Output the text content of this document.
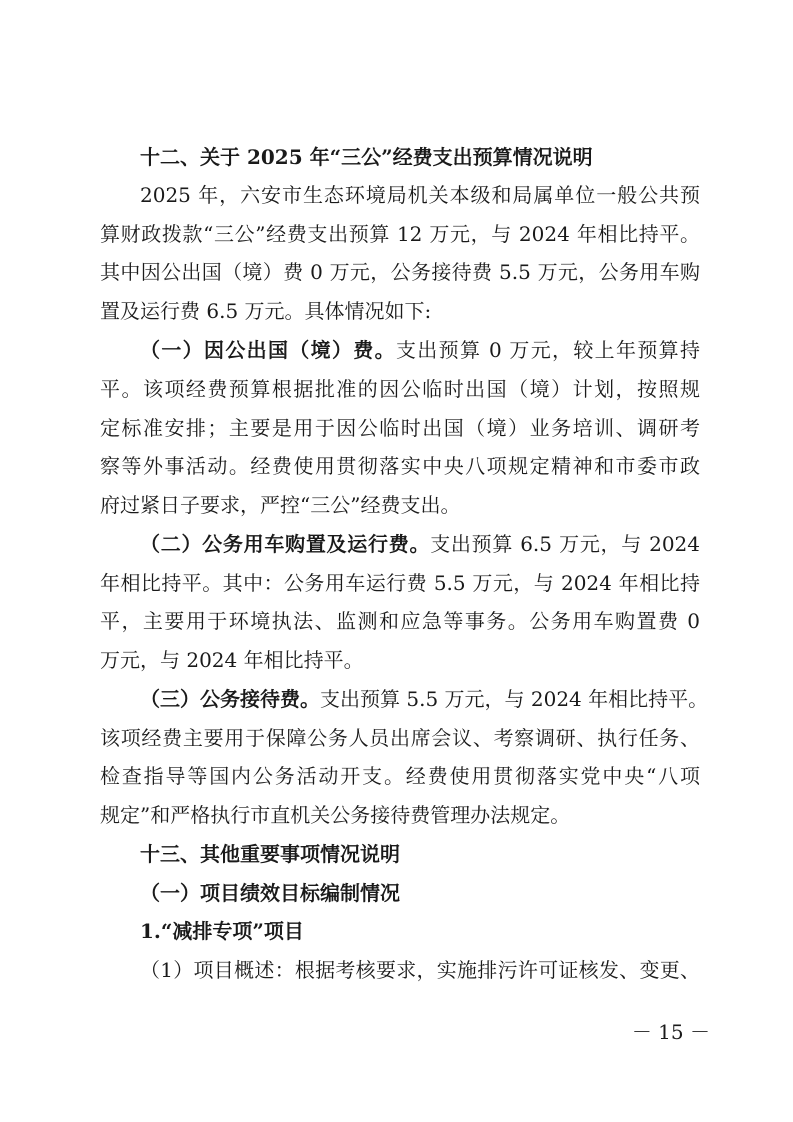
十二、关于 2025 年“三公”经费支出预算情况说明
2025 年，六安市生态环境局机关本级和局属单位一般公共预
算财政拨款“三公”经费支出预算 12 万元，与 2024 年相比持平。
其中因公出国（境）费 0 万元，公务接待费 5.5 万元，公务用车购
置及运行费 6.5 万元。具体情况如下:
（一）因公出国（境）费。支出预算 0 万元，较上年预算持
平。该项经费预算根据批准的因公临时出国（境）计划，按照规
定标准安排；主要是用于因公临时出国（境）业务培训、调研考
察等外事活动。经费使用贯彻落实中央八项规定精神和市委市政
府过紧日子要求，严控“三公”经费支出。
（二）公务用车购置及运行费。支出预算 6.5 万元，与 2024
年相比持平。其中：公务用车运行费 5.5 万元，与 2024 年相比持
平，主要用于环境执法、监测和应急等事务。公务用车购置费 0
万元，与 2024 年相比持平。
（三）公务接待费。支出预算 5.5 万元，与 2024 年相比持平。
该项经费主要用于保障公务人员出席会议、考察调研、执行任务、
检查指导等国内公务活动开支。经费使用贯彻落实党中央“八项
规定”和严格执行市直机关公务接待费管理办法规定。
十三、其他重要事项情况说明
（一）项目绩效目标编制情况
1.“减排专项”项目
（1）项目概述：根据考核要求，实施排污许可证核发、变更、
－ 15 －
